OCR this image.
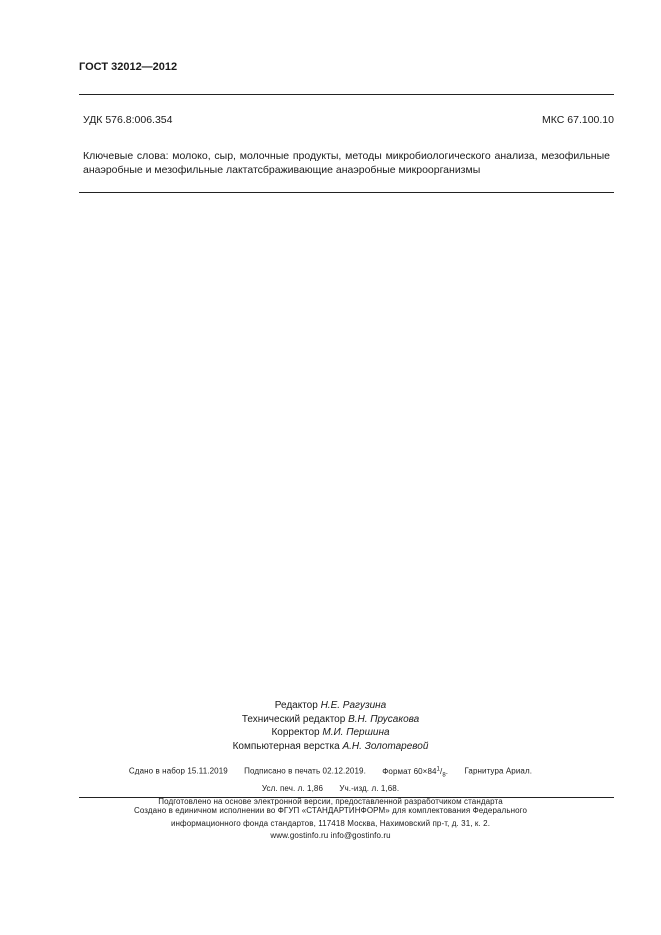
ГОСТ 32012—2012
УДК 576.8:006.354	МКС 67.100.10
Ключевые слова: молоко, сыр, молочные продукты, методы микробиологического анализа, мезофильные анаэробные и мезофильные лактатсбраживающие анаэробные микроорганизмы
Редактор Н.Е. Рагузина
Технический редактор В.Н. Прусакова
Корректор М.И. Першина
Компьютерная верстка А.Н. Золотаревой
Сдано в набор 15.11.2019 Подписано в печать 02.12.2019. Формат $60\times 84^1/_8$. Гарнитура Ариал.
Усл. печ. л. 1,86 Уч.-изд. л. 1,68.
Подготовлено на основе электронной версии, предоставленной разработчиком стандарта
Создано в единичном исполнении во ФГУП «СТАНДАРТИНФОРМ» для комплектования Федерального
информационного фонда стандартов, 117418 Москва, Нахимовский пр-т, д. 31, к. 2.
www.gostinfo.ru info@gostinfo.ru
